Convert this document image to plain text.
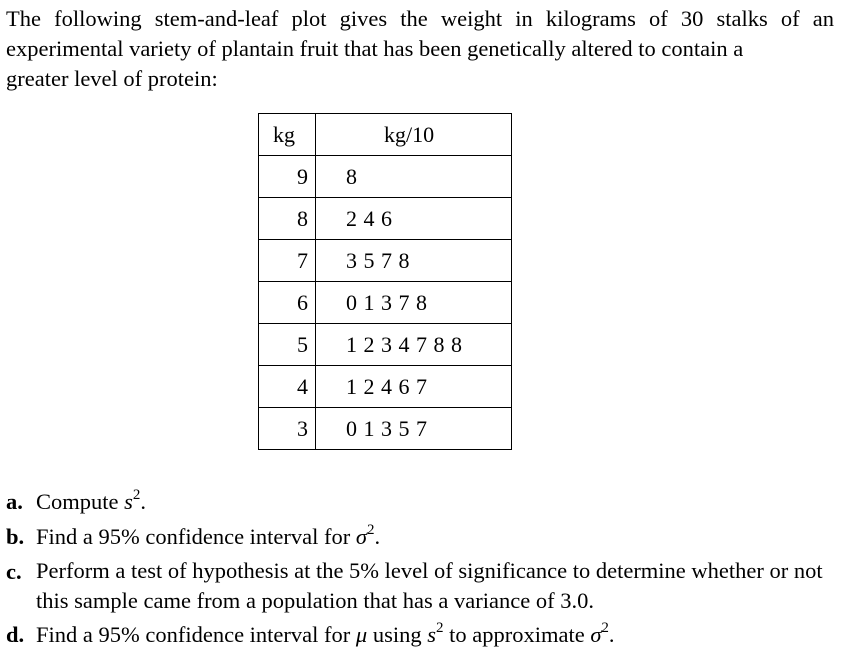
The following stem-and-leaf plot gives the weight in kilograms of 30 stalks of an experimental variety of plantain fruit that has been genetically altered to contain a
greater level of protein:

kg	kg/10
9	8
8	2 4 6
7	3 5 7 8
6	0 1 3 7 8
5	1 2 3 4 7 8 8
4	1 2 4 6 7
3	0 1 3 5 7
a. Compute $s^2$.
b. Find a 95% confidence interval for $\sigma^2$.
c. Perform a test of hypothesis at the 5% level of significance to determine whether or not this sample came from a population that has a variance of 3.0.
d. Find a 95% confidence interval for μ using $s^2$ to approximate $\sigma^2$.
